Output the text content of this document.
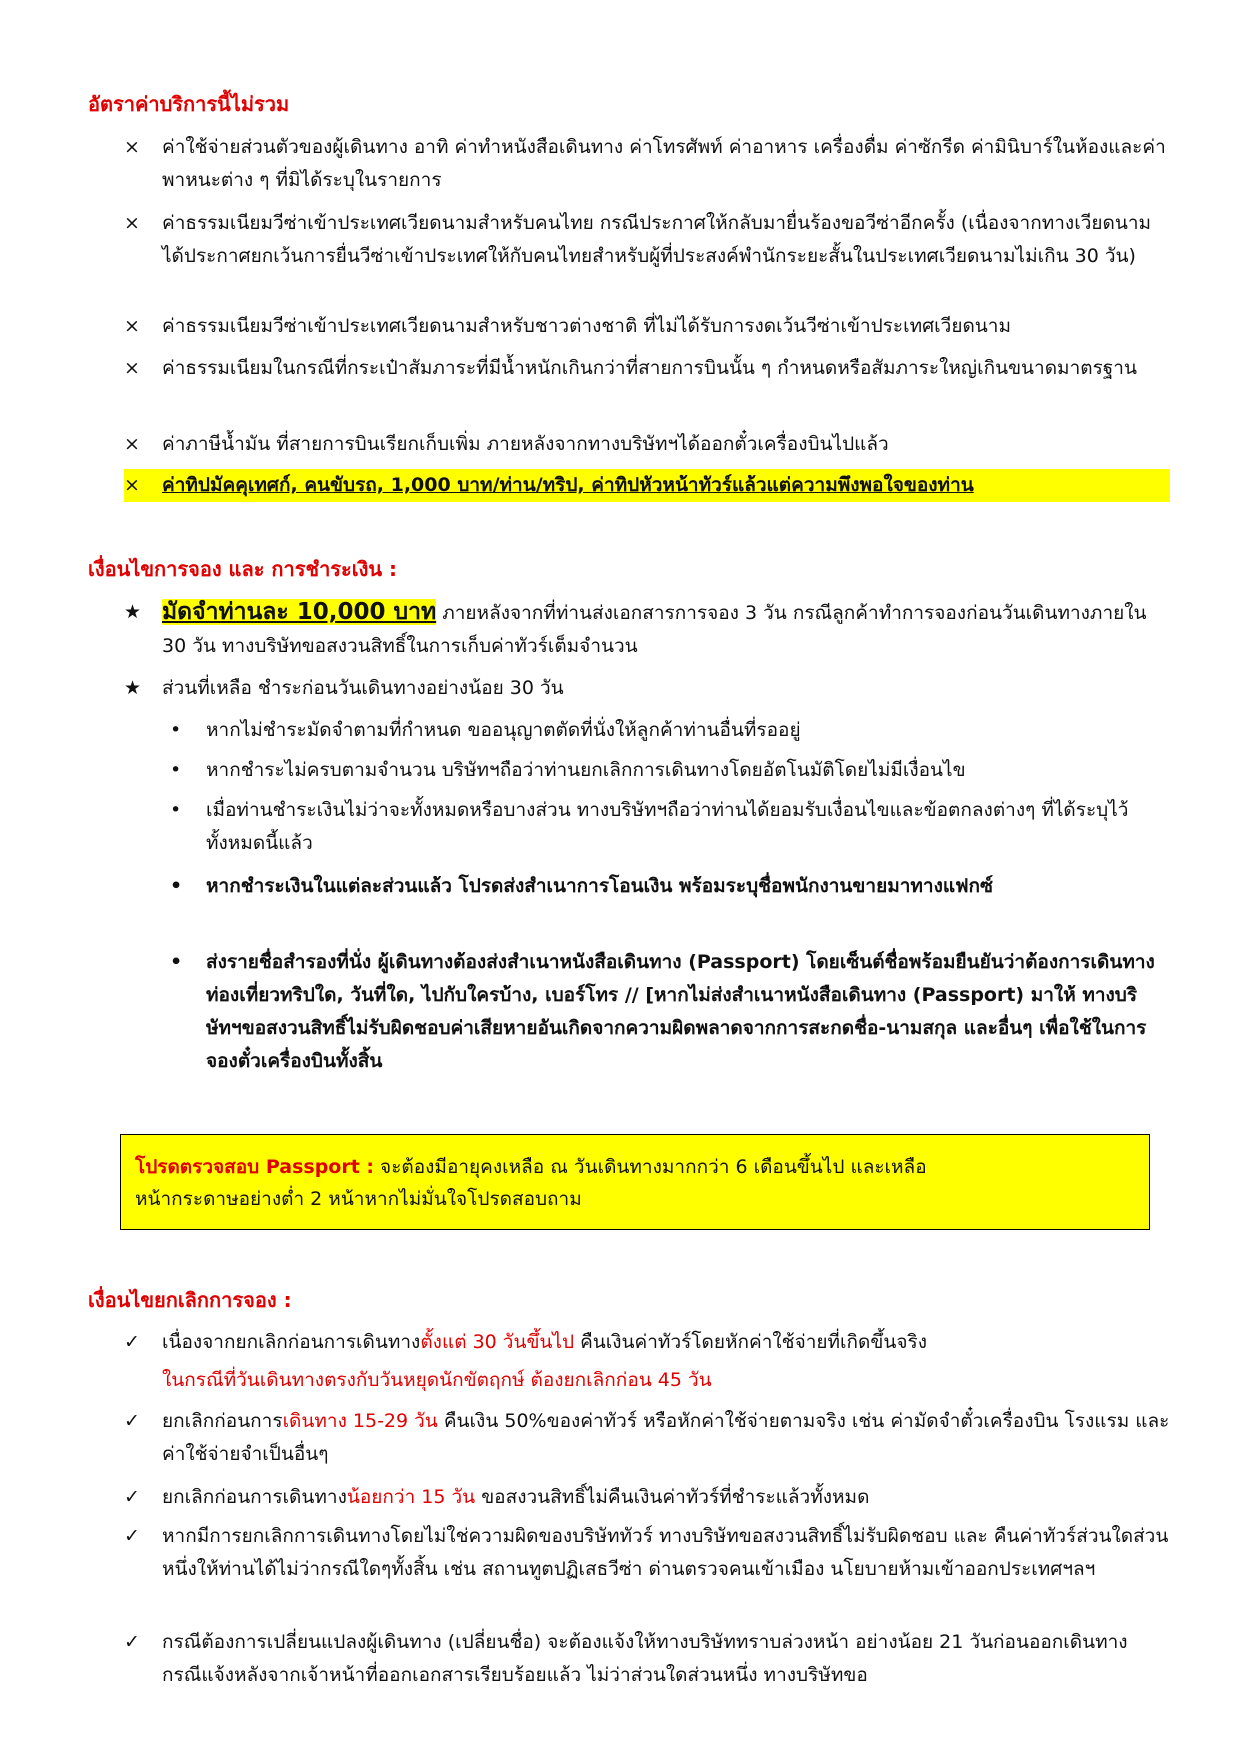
อัตราค่าบริการนี้ไม่รวม
×	ค่าใช้จ่ายส่วนตัวของผู้เดินทาง อาทิ ค่าทำหนังสือเดินทาง ค่าโทรศัพท์ ค่าอาหาร เครื่องดื่ม ค่าซักรีด ค่ามินิบาร์ในห้องและค่าพาหนะต่าง ๆ ที่มิได้ระบุในรายการ
×	ค่าธรรมเนียมวีซ่าเข้าประเทศเวียดนามสำหรับคนไทย กรณีประกาศให้กลับมายื่นร้องขอวีซ่าอีกครั้ง (เนื่องจากทางเวียดนามได้ประกาศยกเว้นการยื่นวีซ่าเข้าประเทศให้กับคนไทยสำหรับผู้ที่ประสงค์พำนักระยะสั้นในประเทศเวียดนามไม่เกิน 30 วัน)
×	ค่าธรรมเนียมวีซ่าเข้าประเทศเวียดนามสำหรับชาวต่างชาติ ที่ไม่ได้รับการงดเว้นวีซ่าเข้าประเทศเวียดนาม
×	ค่าธรรมเนียมในกรณีที่กระเป๋าสัมภาระที่มีน้ำหนักเกินกว่าที่สายการบินนั้น ๆ กำหนดหรือสัมภาระใหญ่เกินขนาดมาตรฐาน
×	ค่าภาษีน้ำมัน ที่สายการบินเรียกเก็บเพิ่ม ภายหลังจากทางบริษัทฯได้ออกตั๋วเครื่องบินไปแล้ว
×	ค่าทิปมัคคุเทศก์, คนขับรถ, 1,000 บาท/ท่าน/ทริป, ค่าทิปหัวหน้าทัวร์แล้วแต่ความพึงพอใจของท่าน
เงื่อนไขการจอง และ การชำระเงิน :
★ มัดจำท่านละ 10,000 บาท ภายหลังจากที่ท่านส่งเอกสารการจอง 3 วัน กรณีลูกค้าทำการจองก่อนวันเดินทางภายใน 30 วัน ทางบริษัทขอสงวนสิทธิ์ในการเก็บค่าทัวร์เต็มจำนวน
★	ส่วนที่เหลือ ชำระก่อนวันเดินทางอย่างน้อย 30 วัน
•	หากไม่ชำระมัดจำตามที่กำหนด ขออนุญาตตัดที่นั่งให้ลูกค้าท่านอื่นที่รออยู่
•	หากชำระไม่ครบตามจำนวน บริษัทฯถือว่าท่านยกเลิกการเดินทางโดยอัตโนมัติโดยไม่มีเงื่อนไข
•	เมื่อท่านชำระเงินไม่ว่าจะทั้งหมดหรือบางส่วน ทางบริษัทฯถือว่าท่านได้ยอมรับเงื่อนไขและข้อตกลงต่างๆ ที่ได้ระบุไว้ทั้งหมดนี้แล้ว
•	หากชำระเงินในแต่ละส่วนแล้ว โปรดส่งสำเนาการโอนเงิน พร้อมระบุชื่อพนักงานขายมาทางแฟกซ์
•	ส่งรายชื่อสำรองที่นั่ง ผู้เดินทางต้องส่งสำเนาหนังสือเดินทาง (Passport) โดยเซ็นต์ชื่อพร้อมยืนยันว่าต้องการเดินทางท่องเที่ยวทริปใด, วันที่ใด, ไปกับใครบ้าง, เบอร์โทร // [หากไม่ส่งสำเนาหนังสือเดินทาง (Passport) มาให้ ทางบริษัทฯขอสงวนสิทธิ์ไม่รับผิดชอบค่าเสียหายอันเกิดจากความผิดพลาดจากการสะกดชื่อ-นามสกุล และอื่นๆ เพื่อใช้ในการจองตั๋วเครื่องบินทั้งสิ้น
โปรดตรวจสอบ Passport : จะต้องมีอายุคงเหลือ ณ วันเดินทางมากกว่า 6 เดือนขึ้นไป และเหลือ
หน้ากระดาษอย่างต่ำ 2 หน้าหากไม่มั่นใจโปรดสอบถาม
เงื่อนไขยกเลิกการจอง :
✓	เนื่องจากยกเลิกก่อนการเดินทางตั้งแต่ 30 วันขึ้นไป คืนเงินค่าทัวร์โดยหักค่าใช้จ่ายที่เกิดขึ้นจริง
ในกรณีที่วันเดินทางตรงกับวันหยุดนักขัตฤกษ์ ต้องยกเลิกก่อน 45 วัน
✓	ยกเลิกก่อนการเดินทาง 15-29 วัน คืนเงิน 50%ของค่าทัวร์ หรือหักค่าใช้จ่ายตามจริง เช่น ค่ามัดจำตั๋วเครื่องบิน โรงแรม และค่าใช้จ่ายจำเป็นอื่นๆ
✓	ยกเลิกก่อนการเดินทางน้อยกว่า 15 วัน ขอสงวนสิทธิ์ไม่คืนเงินค่าทัวร์ที่ชำระแล้วทั้งหมด
✓	หากมีการยกเลิกการเดินทางโดยไม่ใช่ความผิดของบริษัททัวร์ ทางบริษัทขอสงวนสิทธิ์ไม่รับผิดชอบ และ คืนค่าทัวร์ส่วนใดส่วนหนึ่งให้ท่านได้ไม่ว่ากรณีใดๆทั้งสิ้น เช่น สถานทูตปฏิเสธวีซ่า ด่านตรวจคนเข้าเมือง นโยบายห้ามเข้าออกประเทศฯลฯ
✓	กรณีต้องการเปลี่ยนแปลงผู้เดินทาง (เปลี่ยนชื่อ) จะต้องแจ้งให้ทางบริษัททราบล่วงหน้า อย่างน้อย 21 วันก่อนออกเดินทาง กรณีแจ้งหลังจากเจ้าหน้าที่ออกเอกสารเรียบร้อยแล้ว ไม่ว่าส่วนใดส่วนหนึ่ง ทางบริษัทขอ
